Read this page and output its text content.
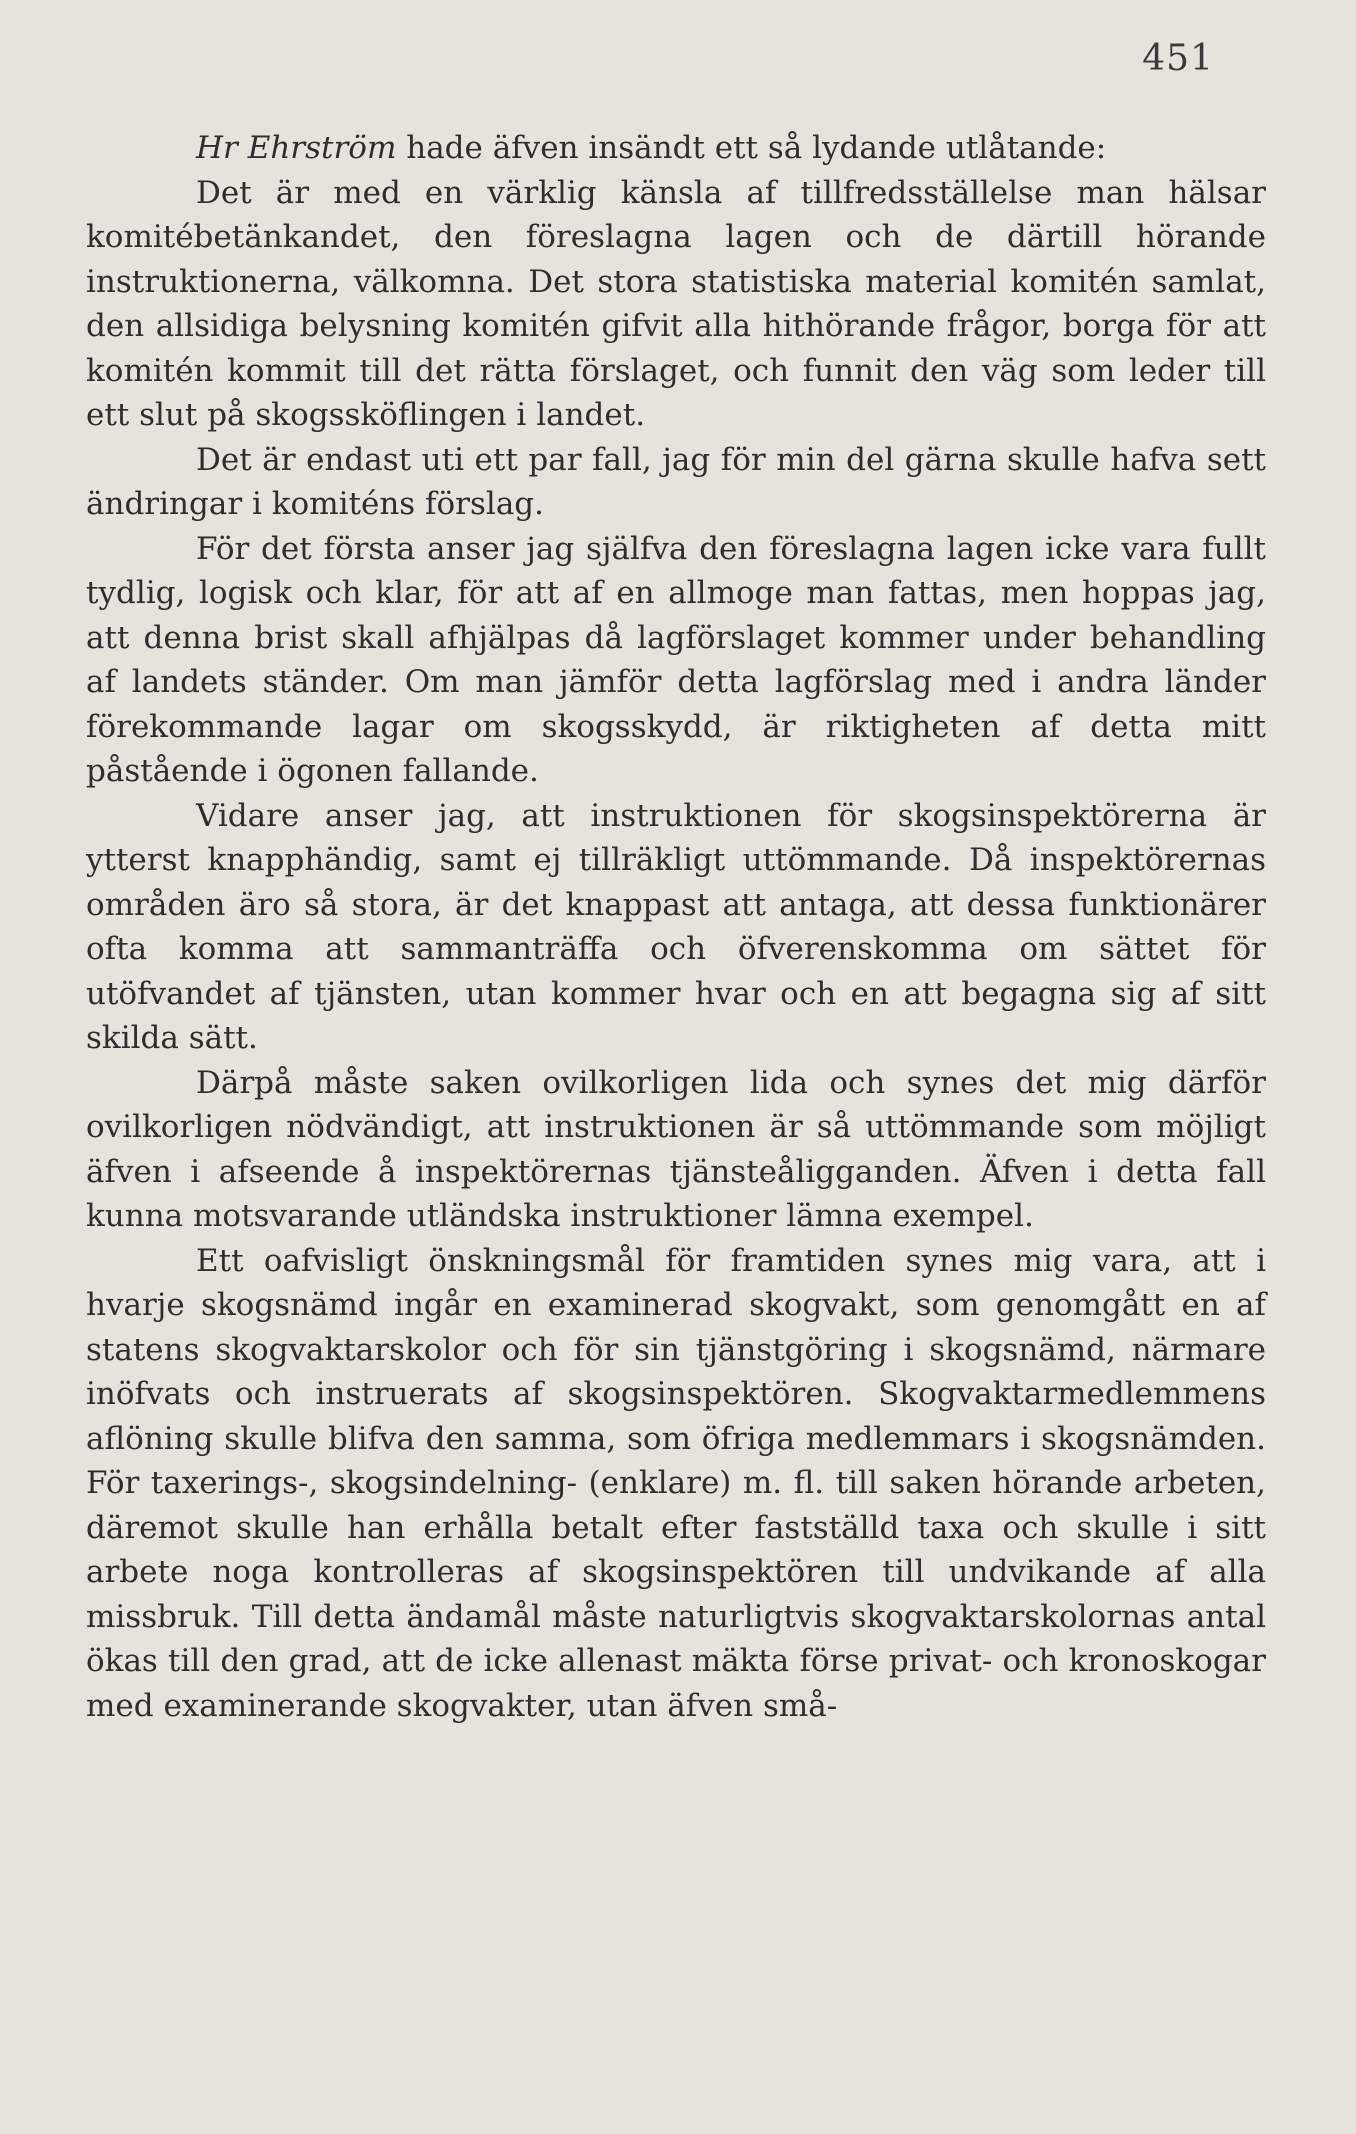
451

Hr Ehrström hade äfven insändt ett så lydande utlåtande:

Det är med en värklig känsla af tillfredsställelse man hälsar komitébetänkandet, den föreslagna lagen och de därtill hörande instruktionerna, välkomna. Det stora statistiska material komitén samlat, den allsidiga belysning komitén gifvit alla hithörande frågor, borga för att komitén kommit till det rätta förslaget, och funnit den väg som leder till ett slut på skogssköflingen i landet.

Det är endast uti ett par fall, jag för min del gärna skulle hafva sett ändringar i komiténs förslag.

För det första anser jag själfva den föreslagna lagen icke vara fullt tydlig, logisk och klar, för att af en allmoge man fattas, men hoppas jag, att denna brist skall afhjälpas då lagförslaget kommer under behandling af landets ständer. Om man jämför detta lagförslag med i andra länder förekommande lagar om skogsskydd, är riktigheten af detta mitt påstående i ögonen fallande.

Vidare anser jag, att instruktionen för skogsinspektörerna är ytterst knapphändig, samt ej tillräkligt uttömmande. Då inspektörernas områden äro så stora, är det knappast att antaga, att dessa funktionärer ofta komma att sammanträffa och öfverenskomma om sättet för utöfvandet af tjänsten, utan kommer hvar och en att begagna sig af sitt skilda sätt.

Därpå måste saken ovilkorligen lida och synes det mig därför ovilkorligen nödvändigt, att instruktionen är så uttömmande som möjligt äfven i afseende å inspektörernas tjänsteåligganden. Äfven i detta fall kunna motsvarande utländska instruktioner lämna exempel.

Ett oafvisligt önskningsmål för framtiden synes mig vara, att i hvarje skogsnämd ingår en examinerad skogvakt, som genomgått en af statens skogvaktarskolor och för sin tjänstgöring i skogsnämd, närmare inöfvats och instruerats af skogsinspektören. Skogvaktarmedlemmens aflöning skulle blifva den samma, som öfriga medlemmars i skogsnämden. För taxerings-, skogsindelning- (enklare) m. fl. till saken hörande arbeten, däremot skulle han erhålla betalt efter fastställd taxa och skulle i sitt arbete noga kontrolleras af skogsinspektören till undvikande af alla missbruk. Till detta ändamål måste naturligtvis skogvaktarskolornas antal ökas till den grad, att de icke allenast mäkta förse privat- och kronoskogar med examinerande skogvakter, utan äfven små-
